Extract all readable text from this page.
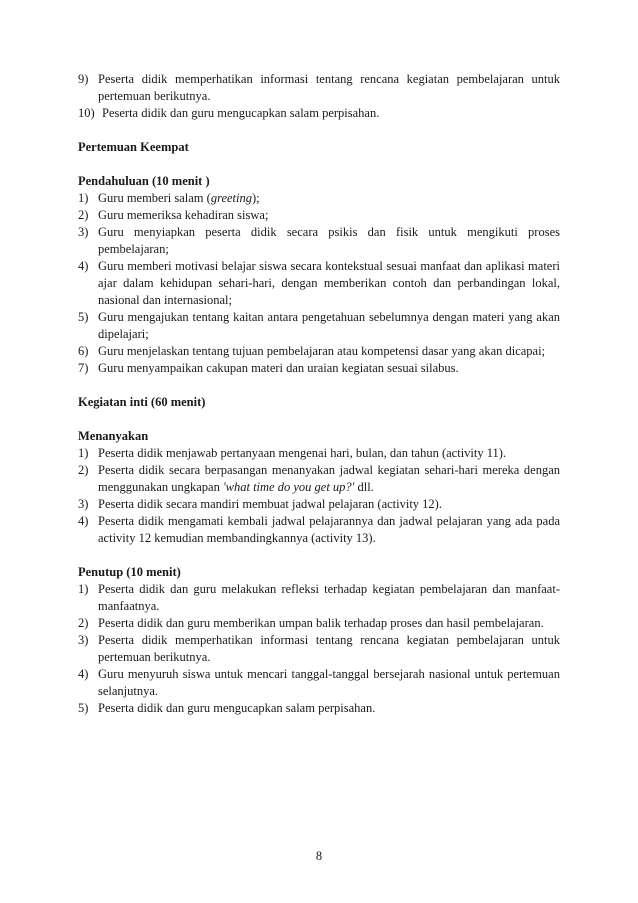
9) Peserta didik memperhatikan informasi tentang rencana kegiatan pembelajaran untuk pertemuan berikutnya.
10) Peserta didik dan guru mengucapkan salam perpisahan.

Pertemuan Keempat

Pendahuluan (10 menit )

1) Guru memberi salam (greeting);
2) Guru memeriksa kehadiran siswa;
3) Guru menyiapkan peserta didik secara psikis dan fisik untuk mengikuti proses pembelajaran;
4) Guru memberi motivasi belajar siswa secara kontekstual sesuai manfaat dan aplikasi materi ajar dalam kehidupan sehari-hari, dengan memberikan contoh dan perbandingan lokal, nasional dan internasional;
5) Guru mengajukan tentang kaitan antara pengetahuan sebelumnya dengan materi yang akan dipelajari;
6) Guru menjelaskan tentang tujuan pembelajaran atau kompetensi dasar yang akan dicapai;
7) Guru menyampaikan cakupan materi dan uraian kegiatan sesuai silabus.

Kegiatan inti (60 menit)

Menanyakan

1) Peserta didik menjawab pertanyaan mengenai hari, bulan, dan tahun (activity 11).
2) Peserta didik secara berpasangan menanyakan jadwal kegiatan sehari-hari mereka dengan menggunakan ungkapan 'what time do you get up?' dll.
3) Peserta didik secara mandiri membuat jadwal pelajaran (activity 12).
4) Peserta didik mengamati kembali jadwal pelajarannya dan jadwal pelajaran yang ada pada activity 12 kemudian membandingkannya (activity 13).

Penutup (10 menit)

1) Peserta didik dan guru melakukan refleksi terhadap kegiatan pembelajaran dan manfaat-manfaatnya.
2) Peserta didik dan guru memberikan umpan balik terhadap proses dan hasil pembelajaran.
3) Peserta didik memperhatikan informasi tentang rencana kegiatan pembelajaran untuk pertemuan berikutnya.
4) Guru menyuruh siswa untuk mencari tanggal-tanggal bersejarah nasional untuk pertemuan selanjutnya.
5) Peserta didik dan guru mengucapkan salam perpisahan.
8
